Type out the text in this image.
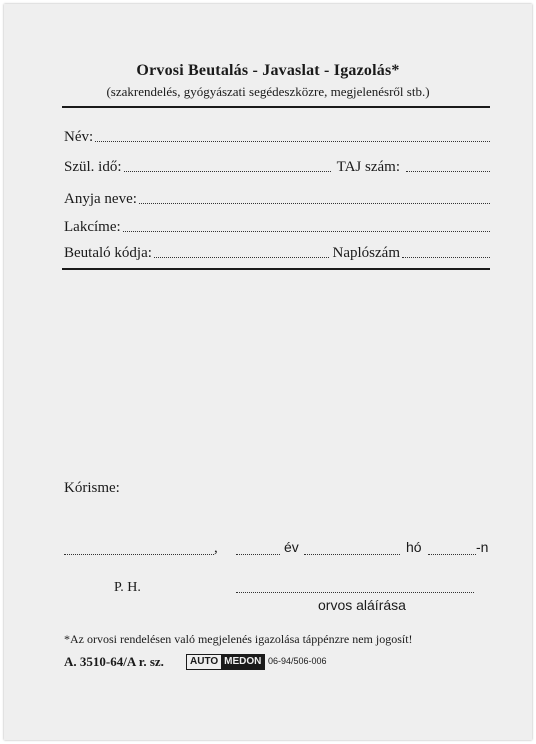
Orvosi Beutalás - Javaslat - Igazolás*
(szakrendelés, gyógyászati segédeszközre, megjelenésről stb.)
Név:
Szül. idő:	TAJ szám:
Anyja neve:
Lakcíme:
Beutaló kódja:	Naplószám
Kórisme:
,	év	hó	-n
P. H.
orvos aláírása
*Az orvosi rendelésen való megjelenés igazolása táppénzre nem jogosít!
A. 3510-64/A r. sz.	AUTO MEDON 06-94/506-006
